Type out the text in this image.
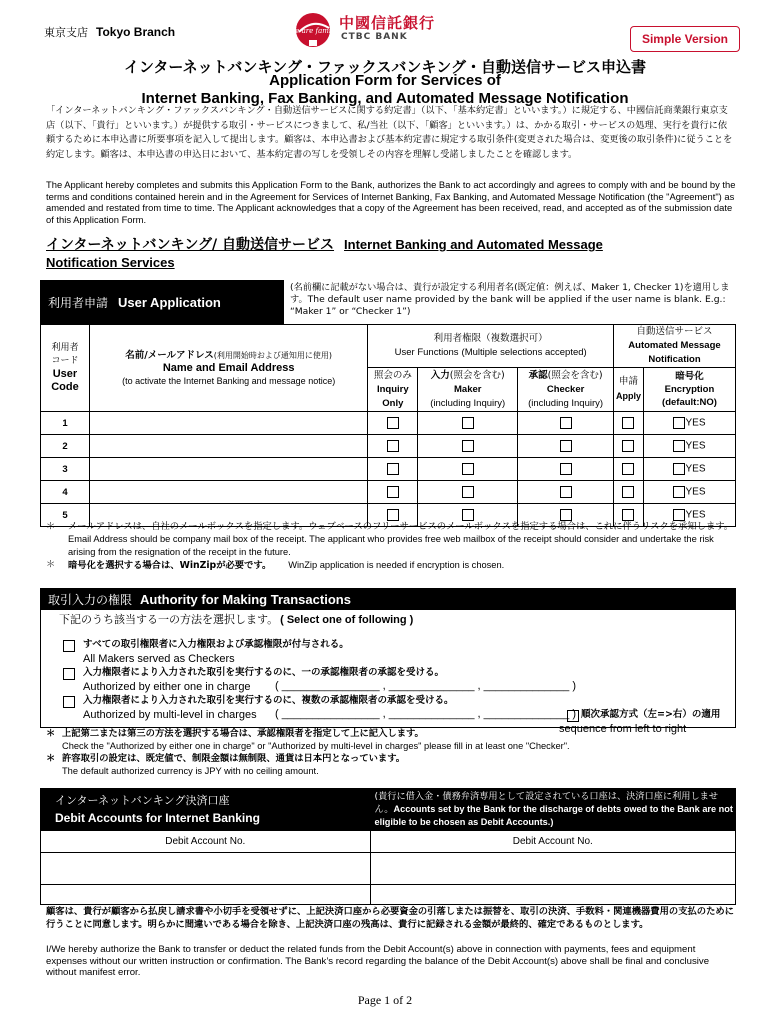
東京支店 Tokyo Branch	We are family 中國信託銀行
CTBC BANK	Simple Version
インターネットバンキング・ファックスバンキング・自動送信サービス申込書
Application Form for Services of
Internet Banking, Fax Banking, and Automated Message Notification
「インターネットバンキング・ファックスバンキング・自動送信サービスに関する約定書」（以下、「基本約定書」といいます。）に規定する、中國信託商業銀行東京支店（以下、「貴行」といいます。）が提供する取引・サービスにつきまして、私/当社（以下、「顧客」といいます。）は、かかる取引・サービスの処理、実行を貴行に依頼するために本申込書に所要事項を記入して提出します。顧客は、本申込書および基本約定書に規定する取引条件(変更された場合は、変更後の取引条件)に従うことを約定します。顧客は、本申込書の申込日において、基本約定書の写しを受領しその内容を理解し受諾しましたことを確認します。
The Applicant hereby completes and submits this Application Form to the Bank, authorizes the Bank to act accordingly and agrees to comply with and be bound by the terms and conditions contained herein and in the Agreement for Services of Internet Banking, Fax Banking, and Automated Message Notification (the "Agreement") as amended and restated from time to time. The Applicant acknowledges that a copy of the Agreement has been received, read, and accepted as of the submission date of this Application Form.
インターネットバンキング/ 自動送信サービス Internet Banking and Automated Message
Notification Services
利用者申請 User Application
(名前欄に記載がない場合は、貴行が設定する利用者名(既定値：例えば、Maker 1, Checker 1)を適用します。The default user name provided by the bank will be applied if the user name is blank. E.g.: “Maker 1” or “Checker 1”)
利用者コード
User Code	名前/メールアドレス(利用開始時および通知用に使用)
Name and Email Address
(to activate the Internet Banking and message notice)	利用者権限（複数選択可）
User Functions (Multiple selections accepted)			自動送信サービス
Automated Message Notification	
		照会のみ
Inquiry Only	入力(照会を含む)
Maker
(including Inquiry)	承認(照会を含む)
Checker
(including Inquiry)	申請
Apply	暗号化
Encryption
(default:NO)
1						YES
2						YES
3						YES
4						YES
5						YES
＊	メールアドレスは、自社のメールボックスを指定します。ウェブベースのフリーサービスのメールボックスを指定する場合は、これに伴うリスクを承知します。
Email Address should be company mail box of the receipt. The applicant who provides free web mailbox of the receipt should consider and undertake the risk arising from the resignation of the receipt in the future.
＊	暗号化を選択する場合は、WinZipが必要です。 WinZip application is needed if encryption is chosen.
取引入力の権限 Authority for Making Transactions
下記のうち該当する一の方法を選択します。 ( Select one of following )
すべての取引権限者に入力権限および承認権限が付与される。
All Makers served as Checkers
入力権限者により入力された取引を実行するのに、一の承認権限者の承認を受ける。
Authorized by either one in charge	( ________________ , ______________ , ______________ )
入力権限者により入力された取引を実行するのに、複数の承認権限者の承認を受ける。
Authorized by multi-level in charges	( ________________ , ______________ , ______________ ) 順次承認方式（左=>右）の適用
sequence from left to right
＊ 上記第二または第三の方法を選択する場合は、承認権限者を指定して上に記入します。
Check the "Authorized by either one in charge" or "Authorized by multi-level in charges" please fill in at least one "Checker".
＊ 許容取引の設定は、既定値で、制限金額は無制限、通貨は日本円となっています。
The default authorized currency is JPY with no ceiling amount.
インターネットバンキング決済口座
Debit Accounts for Internet Banking	(貴行に借入金・債務弁済専用として設定されている口座は、決済口座に利用しません。Accounts set by the Bank for the discharge of debts owed to the Bank are not eligible to be chosen as Debit Accounts.)
Debit Account No.	Debit Account No.

顧客は、貴行が顧客から払戻し請求書や小切手を受領せずに、上記決済口座から必要資金の引落しまたは振替を、取引の決済、手数料・関連機器費用の支払のために行うことに同意します。明らかに間違いである場合を除き、上記決済口座の残高は、貴行に記録される金額が最終的、確定であるものとします。
I/We hereby authorize the Bank to transfer or deduct the related funds from the Debit Account(s) above in connection with payments, fees and equipment expenses without our written instruction or confirmation. The Bank’s record regarding the balance of the Debit Account(s) above shall be final and conclusive without manifest error.
Page 1 of 2
